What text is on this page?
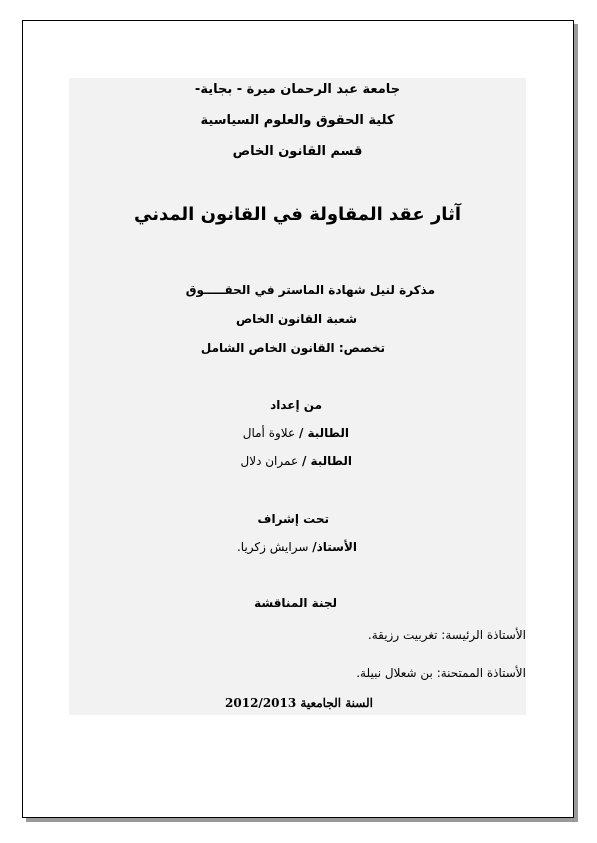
جامعة عبد الرحمان ميرة - بجاية-
كلية الحقوق والعلوم السياسية
قسم القانون الخاص
آثار عقد المقاولة في القانون المدني
مذكرة لنيل شهادة الماستر في الحقـــــوق
شعبة القانون الخاص
تخصص: القانون الخاص الشامل
من إعداد
الطالبة / علاوة أمال
الطالبة / عمران دلال
تحت إشراف
الأستاذ/ سرايش زكريا.
لجنة المناقشة
الأستاذة الرئيسة: تغربيت رزيقة.
الأستاذة الممتحنة: بن شعلال نبيلة.
السنة الجامعية 2012/2013
